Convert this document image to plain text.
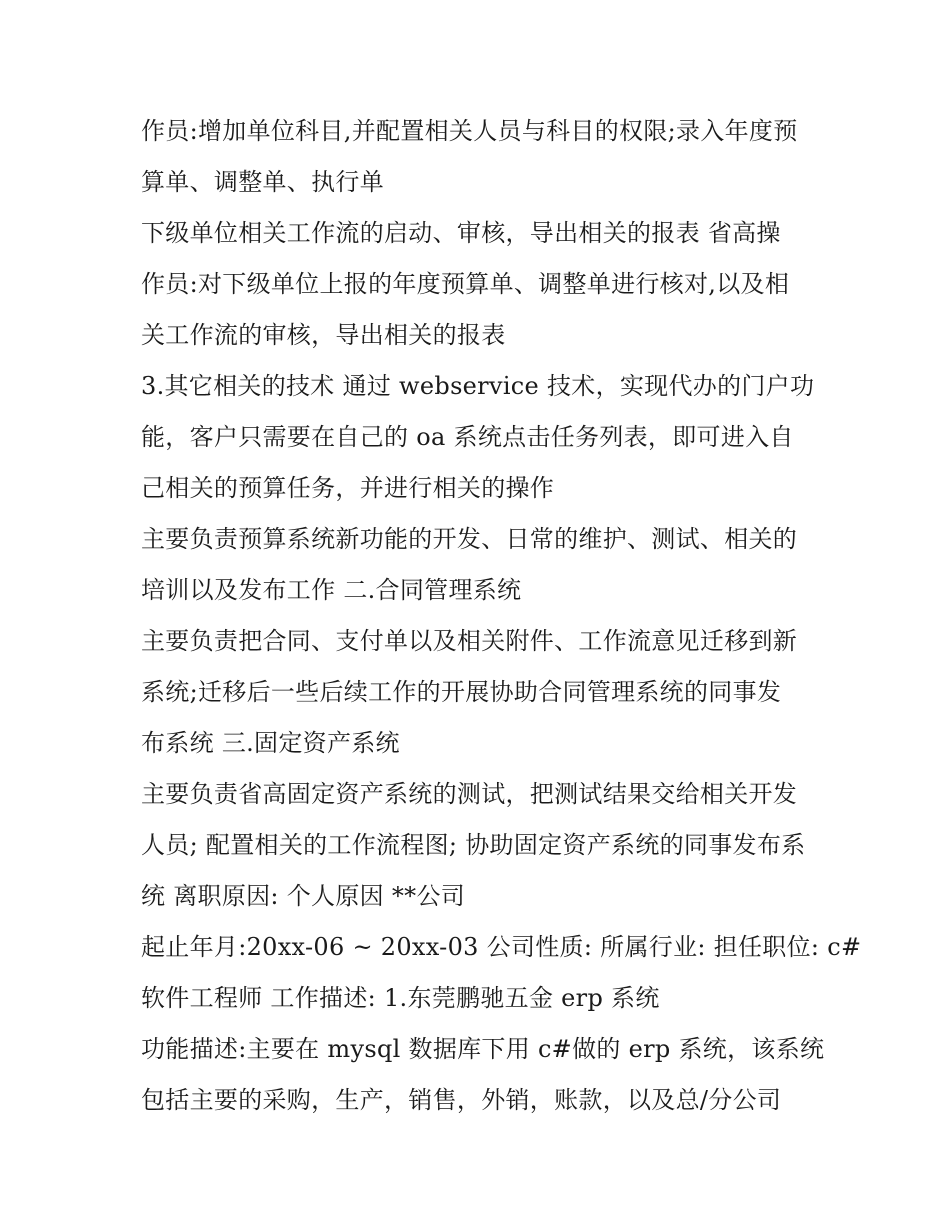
作员:增加单位科目,并配置相关人员与科目的权限;录入年度预
算单、调整单、执行单
下级单位相关工作流的启动、审核，导出相关的报表 省高操
作员:对下级单位上报的年度预算单、调整单进行核对,以及相
关工作流的审核，导出相关的报表
3.其它相关的技术 通过 webservice 技术，实现代办的门户功
能，客户只需要在自己的 oa 系统点击任务列表，即可进入自
己相关的预算任务，并进行相关的操作
主要负责预算系统新功能的开发、日常的维护、测试、相关的
培训以及发布工作 二.合同管理系统
主要负责把合同、支付单以及相关附件、工作流意见迁移到新
系统;迁移后一些后续工作的开展协助合同管理系统的同事发
布系统 三.固定资产系统
主要负责省高固定资产系统的测试，把测试结果交给相关开发
人员; 配置相关的工作流程图; 协助固定资产系统的同事发布系
统 离职原因: 个人原因 **公司
起止年月:20xx-06 ~ 20xx-03 公司性质: 所属行业: 担任职位: c#
软件工程师 工作描述: 1.东莞鹏驰五金 erp 系统
功能描述:主要在 mysql 数据库下用 c#做的 erp 系统，该系统
包括主要的采购，生产，销售，外销，账款，以及总/分公司
